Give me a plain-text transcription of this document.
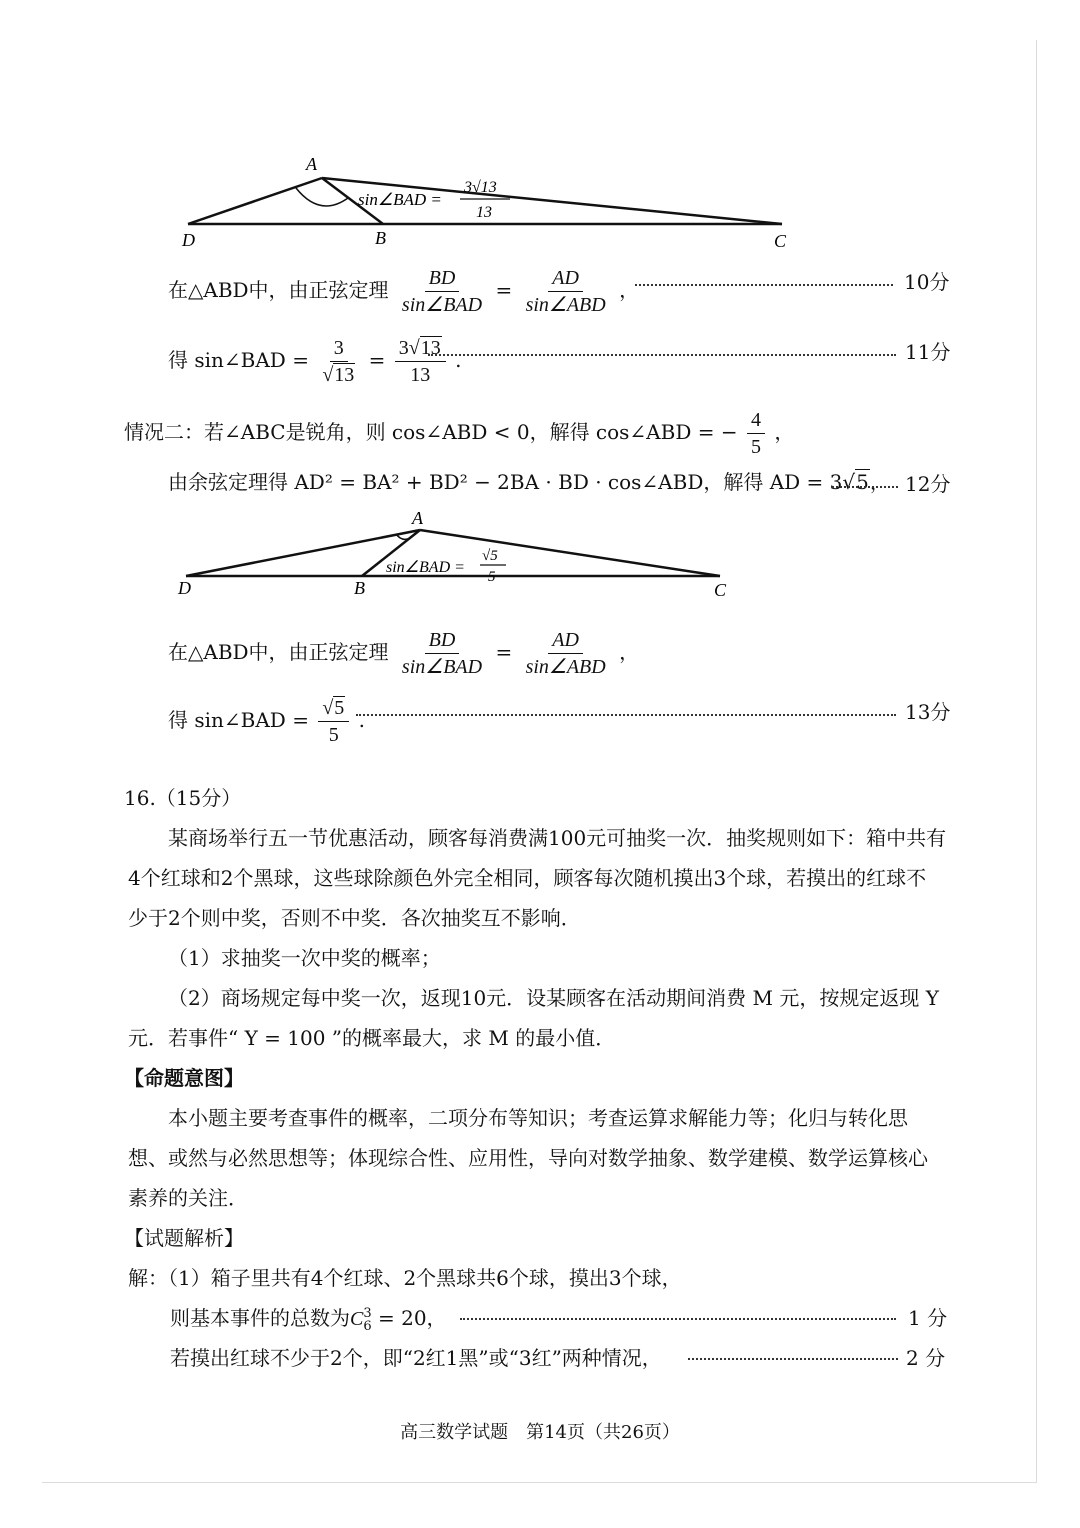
A
D	B	C
sin∠BAD =
3√13
13
在△ABD中，由正弦定理 $\frac{BD}{\text{sin∠BAD}} = \frac{AD}{\text{sin∠ABD}}$ ，	10分
得 sin∠BAD = $\frac{3}{√13} = \frac{3√13}{13}$ .	11分
情况二：若∠ABC是锐角，则 cos∠ABD < 0，解得 cos∠ABD = − $\frac{4}{5}$ ，
由余弦定理得 AD² = BA² + BD² − 2BA · BD · cos∠ABD，解得 AD = 3√5， 12分
A
D	B	C
sin∠BAD =
√5
5
在△ABD中，由正弦定理 $\frac{BD}{\text{sin∠BAD}} = \frac{AD}{\text{sin∠ABD}}$ ，
得 sin∠BAD = $\frac{√5}{5}$ .	13分
16.（15分）
某商场举行五一节优惠活动，顾客每消费满100元可抽奖一次．抽奖规则如下：箱中共有
4个红球和2个黑球，这些球除颜色外完全相同，顾客每次随机摸出3个球，若摸出的红球不
少于2个则中奖，否则不中奖．各次抽奖互不影响．
（1）求抽奖一次中奖的概率；
（2）商场规定每中奖一次，返现10元．设某顾客在活动期间消费 M 元，按规定返现 Y
元．若事件“ Y = 100 ”的概率最大，求 M 的最小值．
【命题意图】
本小题主要考查事件的概率，二项分布等知识；考查运算求解能力等；化归与转化思
想、或然与必然思想等；体现综合性、应用性，导向对数学抽象、数学建模、数学运算核心
素养的关注．
【试题解析】
解：（1）箱子里共有4个红球、2个黑球共6个球，摸出3个球，
则基本事件的总数为C 3
6 = 20，	1 分
若摸出红球不少于2个，即“2红1黑”或“3红”两种情况，	2 分
高三数学试题　第14页（共26页）
